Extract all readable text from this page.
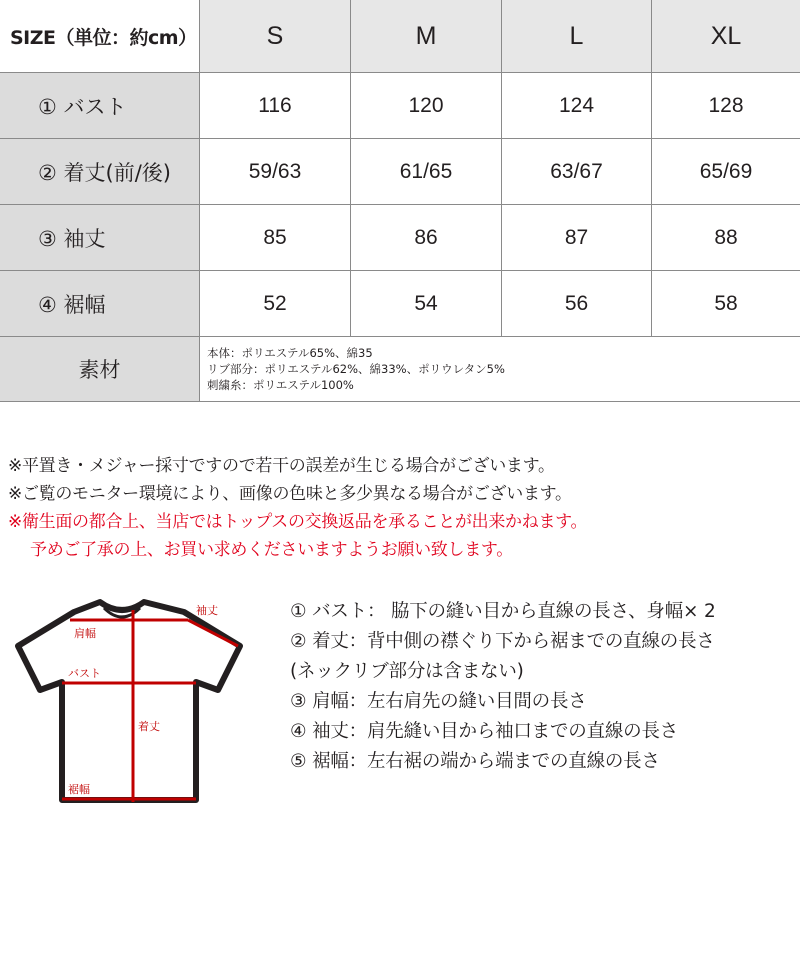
SIZE（単位：約cm）	S	M	L	XL
① バスト	116	120	124	128
② 着丈(前/後)	59/63	61/65	63/67	65/69
③ 袖丈	85	86	87	88
④ 裾幅	52	54	56	58
素材
本体：ポリエステル65%、綿35
リブ部分：ポリエステル62%、綿33%、ポリウレタン5%
刺繍糸：ポリエステル100%
※平置き・メジャー採寸ですので若干の誤差が生じる場合がございます。
※ご覧のモニター環境により、画像の色味と多少異なる場合がございます。
※衛生面の都合上、当店ではトップスの交換返品を承ることが出来かねます。
予めご了承の上、お買い求めくださいますようお願い致します。
袖丈
肩幅
バスト
着丈
裾幅
① バスト： 脇下の縫い目から直線の長さ、身幅× 2
② 着丈：背中側の襟ぐり下から裾までの直線の長さ
(ネックリブ部分は含まない)
③ 肩幅：左右肩先の縫い目間の長さ
④ 袖丈：肩先縫い目から袖口までの直線の長さ
⑤ 裾幅：左右裾の端から端までの直線の長さ
